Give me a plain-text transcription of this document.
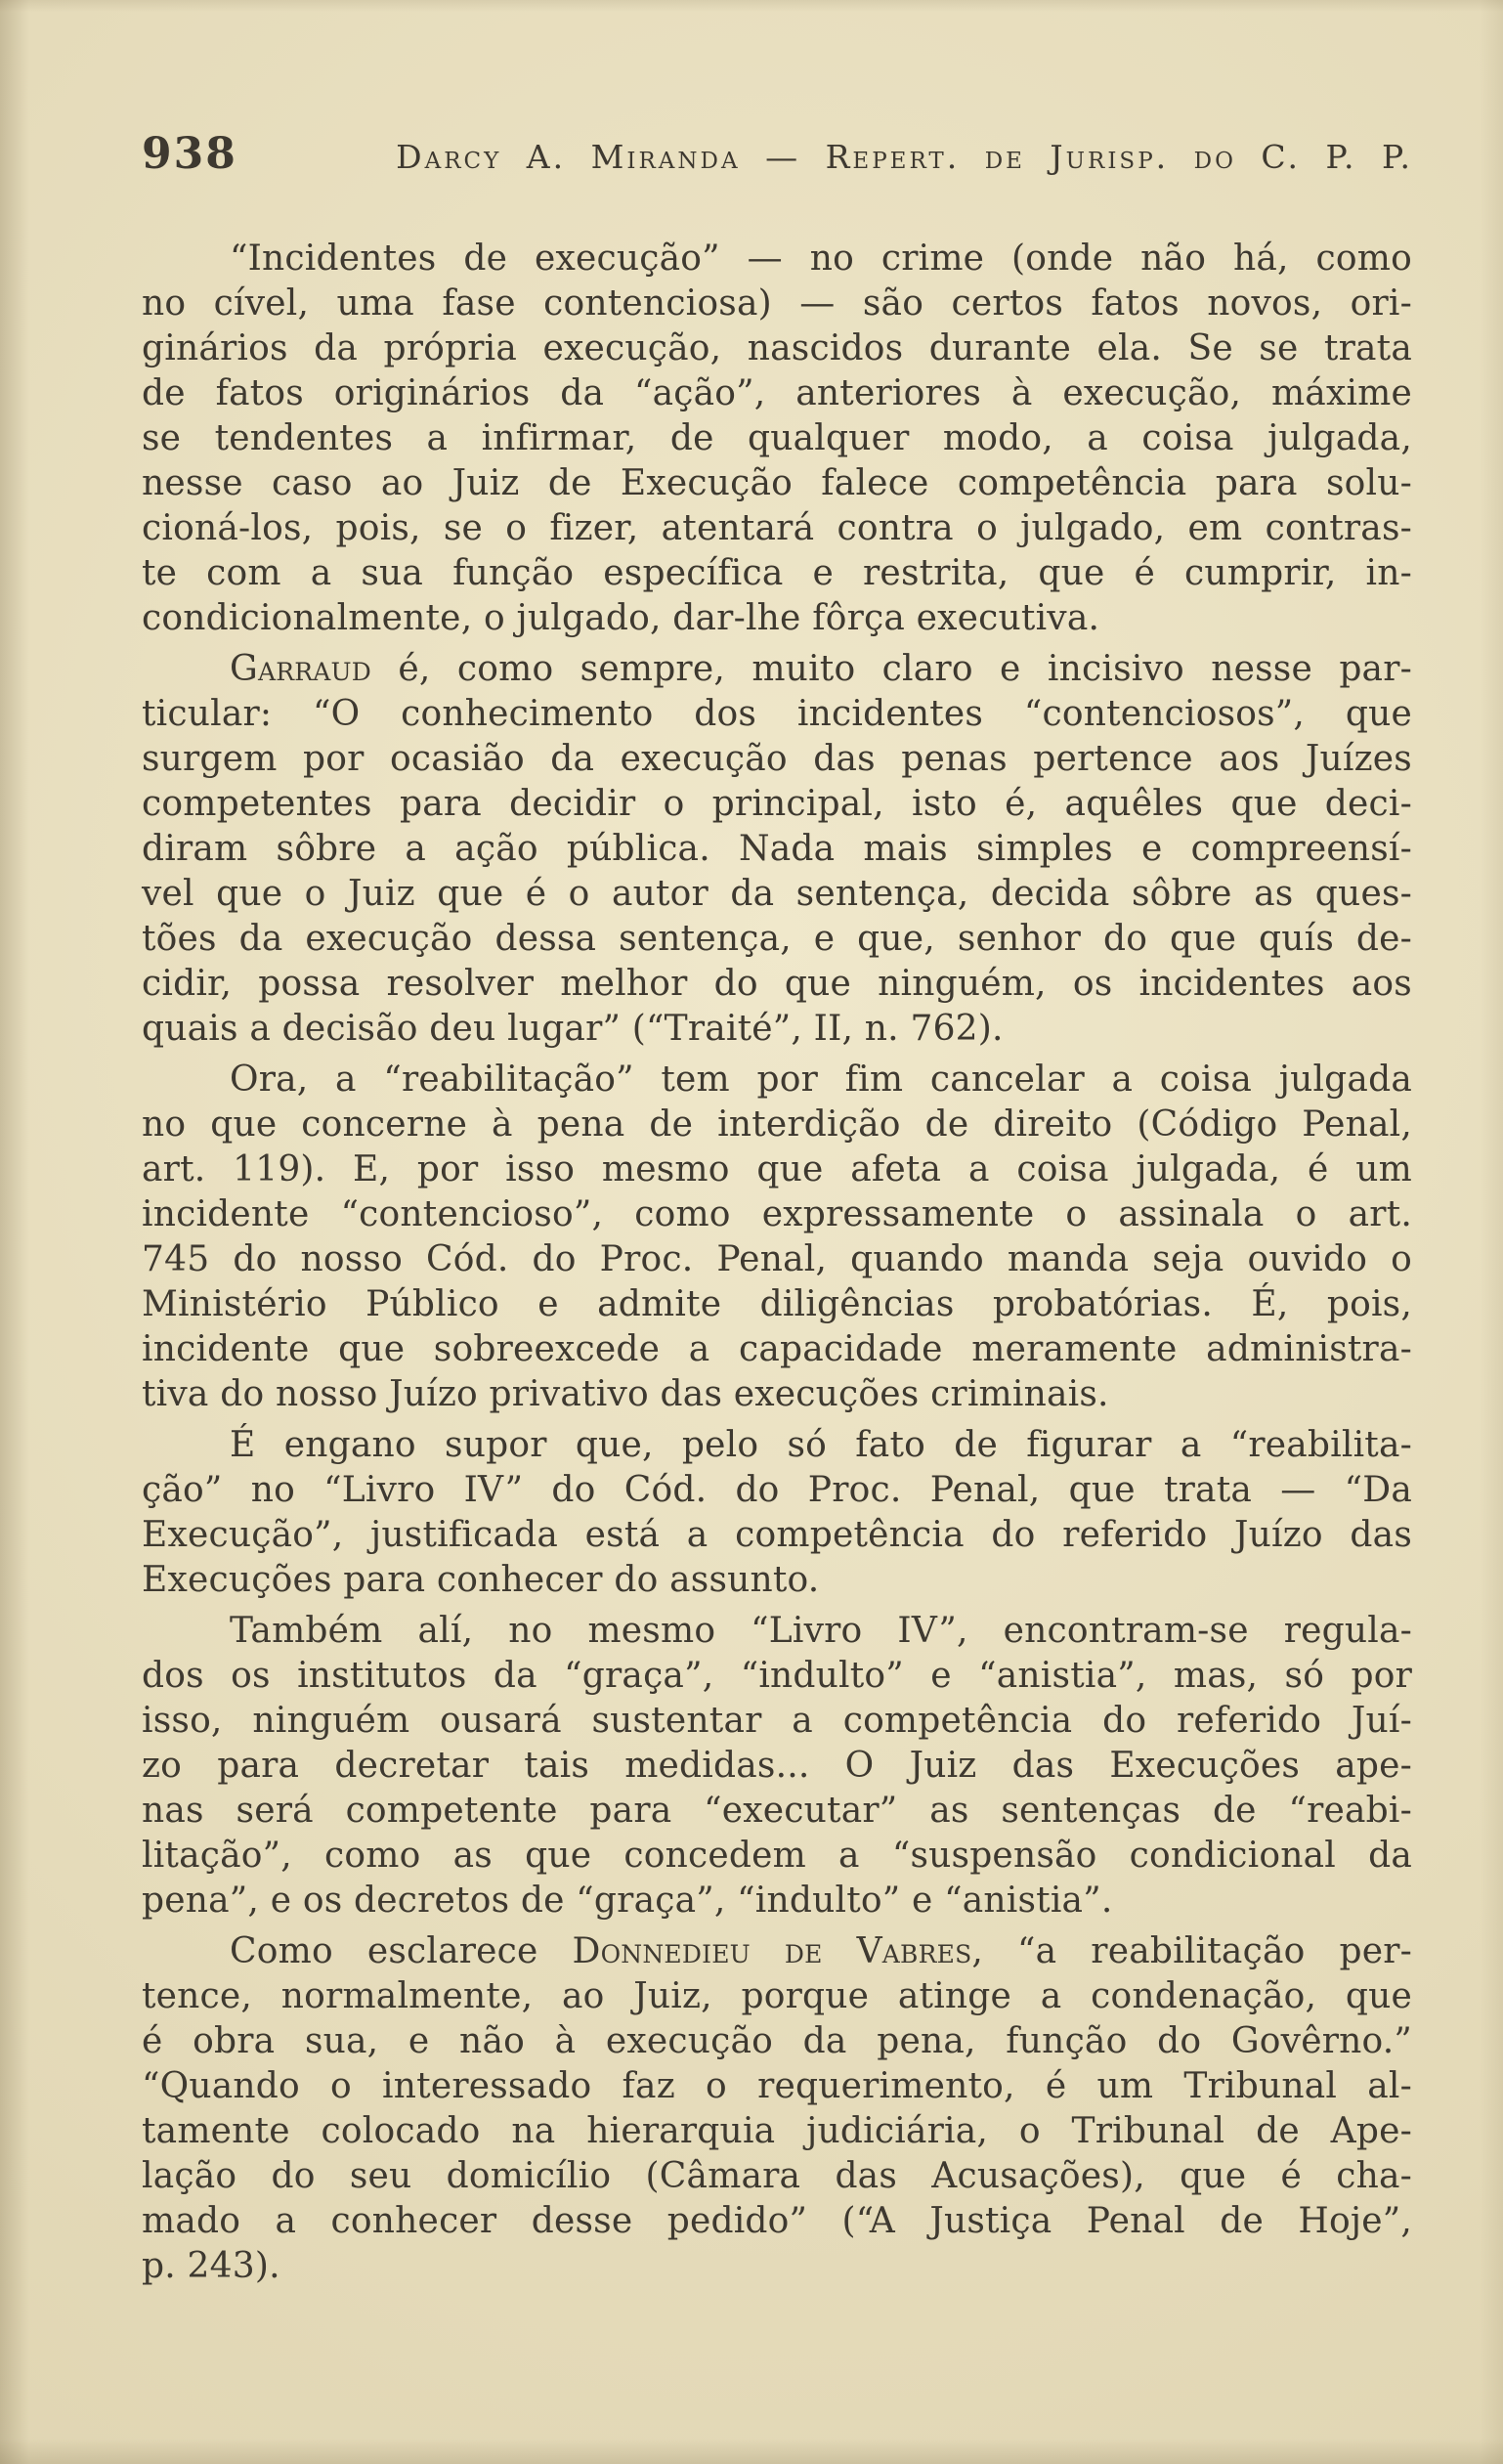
938	Darcy A. Miranda — Repert. de Jurisp. do C. P. P.
“Incidentes de execução” — no crime (onde não há, como
no cível, uma fase contenciosa) — são certos fatos novos, ori-
ginários da própria execução, nascidos durante ela. Se se trata
de fatos originários da “ação”, anteriores à execução, máxime
se tendentes a infirmar, de qualquer modo, a coisa julgada,
nesse caso ao Juiz de Execução falece competência para solu-
cioná-los, pois, se o fizer, atentará contra o julgado, em contras-
te com a sua função específica e restrita, que é cumprir, in-
condicionalmente, o julgado, dar-lhe fôrça executiva.
Garraud é, como sempre, muito claro e incisivo nesse par-
ticular: “O conhecimento dos incidentes “contenciosos”, que
surgem por ocasião da execução das penas pertence aos Juízes
competentes para decidir o principal, isto é, aquêles que deci-
diram sôbre a ação pública. Nada mais simples e compreensí-
vel que o Juiz que é o autor da sentença, decida sôbre as ques-
tões da execução dessa sentença, e que, senhor do que quís de-
cidir, possa resolver melhor do que ninguém, os incidentes aos
quais a decisão deu lugar” (“Traité”, II, n. 762).
Ora, a “reabilitação” tem por fim cancelar a coisa julgada
no que concerne à pena de interdição de direito (Código Penal,
art. 119). E, por isso mesmo que afeta a coisa julgada, é um
incidente “contencioso”, como expressamente o assinala o art.
745 do nosso Cód. do Proc. Penal, quando manda seja ouvido o
Ministério Público e admite diligências probatórias. É, pois,
incidente que sobreexcede a capacidade meramente administra-
tiva do nosso Juízo privativo das execuções criminais.
É engano supor que, pelo só fato de figurar a “reabilita-
ção” no “Livro IV” do Cód. do Proc. Penal, que trata — “Da
Execução”, justificada está a competência do referido Juízo das
Execuções para conhecer do assunto.
Também alí, no mesmo “Livro IV”, encontram-se regula-
dos os institutos da “graça”, “indulto” e “anistia”, mas, só por
isso, ninguém ousará sustentar a competência do referido Juí-
zo para decretar tais medidas... O Juiz das Execuções ape-
nas será competente para “executar” as sentenças de “reabi-
litação”, como as que concedem a “suspensão condicional da
pena”, e os decretos de “graça”, “indulto” e “anistia”.
Como esclarece Donnedieu de Vabres, “a reabilitação per-
tence, normalmente, ao Juiz, porque atinge a condenação, que
é obra sua, e não à execução da pena, função do Govêrno.”
“Quando o interessado faz o requerimento, é um Tribunal al-
tamente colocado na hierarquia judiciária, o Tribunal de Ape-
lação do seu domicílio (Câmara das Acusações), que é cha-
mado a conhecer desse pedido” (“A Justiça Penal de Hoje”,
p. 243).
